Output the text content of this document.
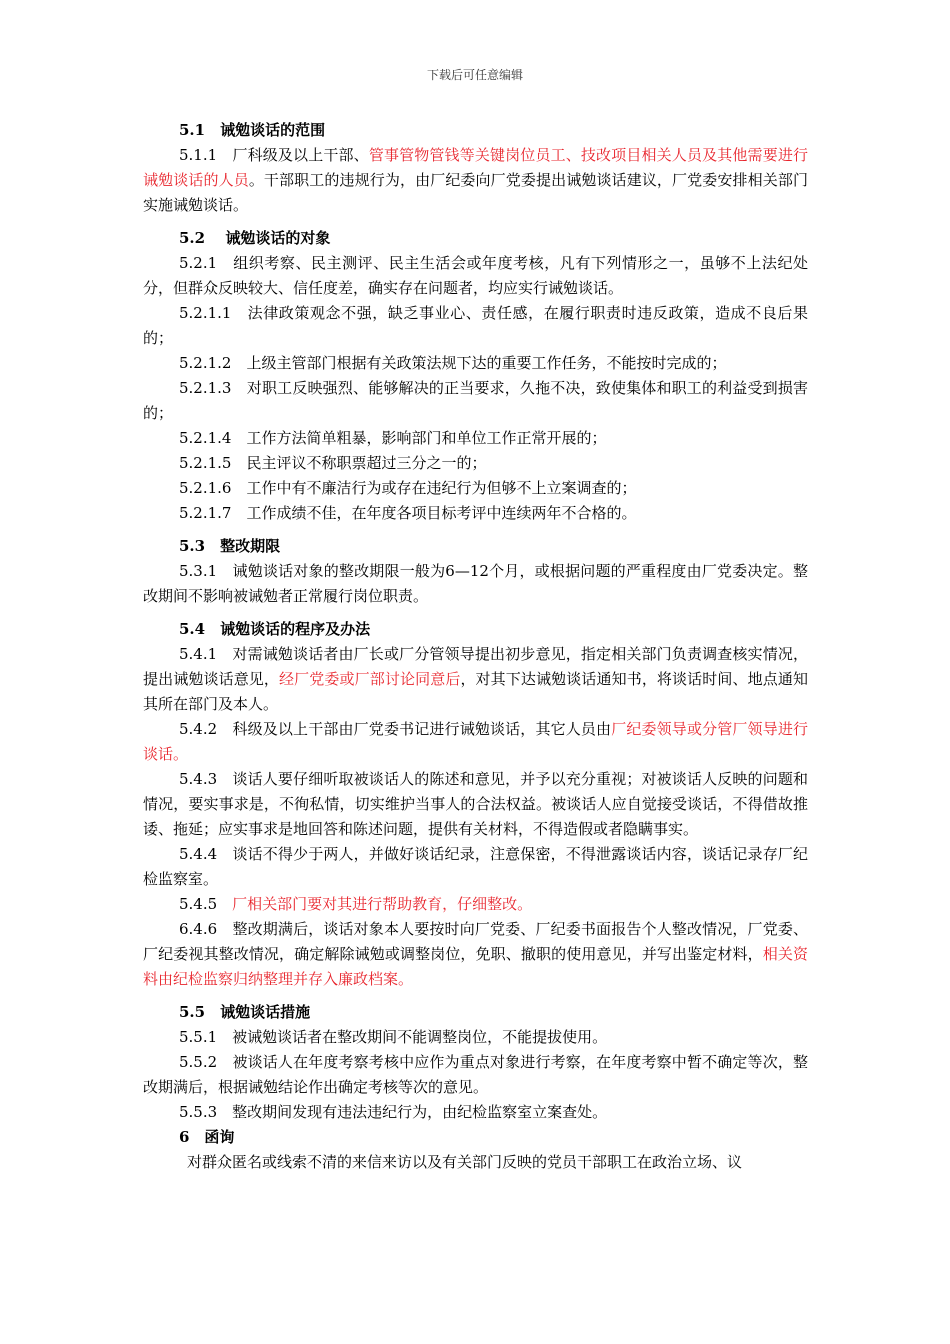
下载后可任意编辑
5.1　诫勉谈话的范围
5.1.1　厂科级及以上干部、管事管物管钱等关键岗位员工、技改项目相关人员及其他需要进行诫勉谈话的人员。干部职工的违规行为，由厂纪委向厂党委提出诫勉谈话建议，厂党委安排相关部门实施诫勉谈话。
5.2　 诫勉谈话的对象
5.2.1　组织考察、民主测评、民主生活会或年度考核，凡有下列情形之一，虽够不上法纪处分，但群众反映较大、信任度差，确实存在问题者，均应实行诫勉谈话。
5.2.1.1　法律政策观念不强，缺乏事业心、责任感，在履行职责时违反政策，造成不良后果的；
5.2.1.2　上级主管部门根据有关政策法规下达的重要工作任务，不能按时完成的；
5.2.1.3　对职工反映强烈、能够解决的正当要求，久拖不决，致使集体和职工的利益受到损害的；
5.2.1.4　工作方法简单粗暴，影响部门和单位工作正常开展的；
5.2.1.5　民主评议不称职票超过三分之一的；
5.2.1.6　工作中有不廉洁行为或存在违纪行为但够不上立案调查的；
5.2.1.7　工作成绩不佳，在年度各项目标考评中连续两年不合格的。
5.3　整改期限
5.3.1　诫勉谈话对象的整改期限一般为6—12个月，或根据问题的严重程度由厂党委决定。整改期间不影响被诫勉者正常履行岗位职责。
5.4　诫勉谈话的程序及办法
5.4.1　对需诫勉谈话者由厂长或厂分管领导提出初步意见，指定相关部门负责调查核实情况，提出诫勉谈话意见，经厂党委或厂部讨论同意后，对其下达诫勉谈话通知书，将谈话时间、地点通知其所在部门及本人。
5.4.2　科级及以上干部由厂党委书记进行诫勉谈话，其它人员由厂纪委领导或分管厂领导进行谈话。
5.4.3　谈话人要仔细听取被谈话人的陈述和意见，并予以充分重视；对被谈话人反映的问题和情况，要实事求是，不徇私情，切实维护当事人的合法权益。被谈话人应自觉接受谈话，不得借故推诿、拖延；应实事求是地回答和陈述问题，提供有关材料，不得造假或者隐瞒事实。
5.4.4　谈话不得少于两人，并做好谈话纪录，注意保密，不得泄露谈话内容，谈话记录存厂纪检监察室。
5.4.5　厂相关部门要对其进行帮助教育，仔细整改。
6.4.6　整改期满后，谈话对象本人要按时向厂党委、厂纪委书面报告个人整改情况，厂党委、厂纪委视其整改情况，确定解除诫勉或调整岗位，免职、撤职的使用意见，并写出鉴定材料，相关资料由纪检监察归纳整理并存入廉政档案。
5.5　诫勉谈话措施
5.5.1　被诫勉谈话者在整改期间不能调整岗位，不能提拔使用。
5.5.2　被谈话人在年度考察考核中应作为重点对象进行考察，在年度考察中暂不确定等次，整改期满后，根据诫勉结论作出确定考核等次的意见。
5.5.3　整改期间发现有违法违纪行为，由纪检监察室立案查处。
6　函询
对群众匿名或线索不清的来信来访以及有关部门反映的党员干部职工在政治立场、议
